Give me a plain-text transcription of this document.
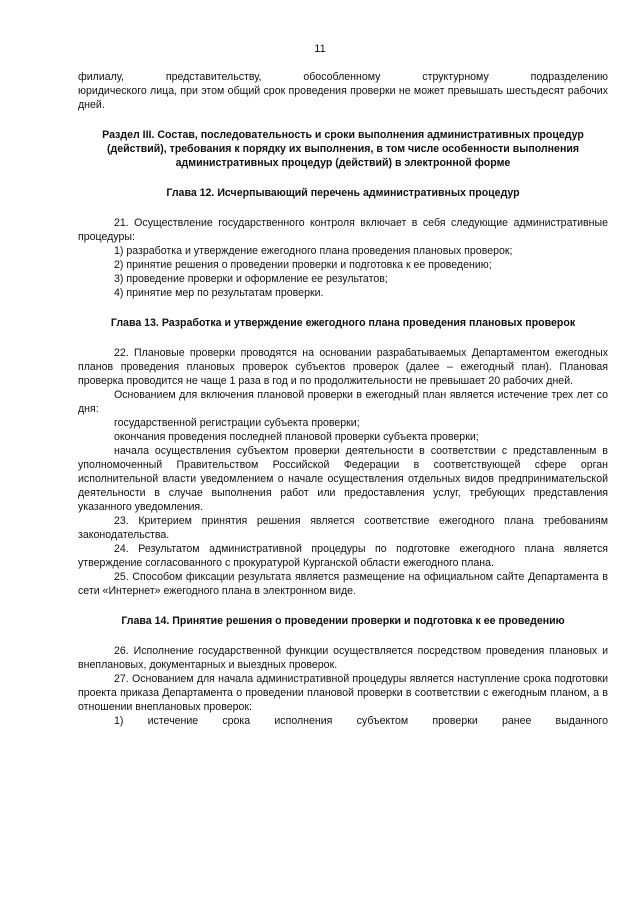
11

филиалу, представительству, обособленному структурному подразделению

юридического лица, при этом общий срок проведения проверки не может превышать шестьдесят рабочих дней.

Раздел III. Состав, последовательность и сроки выполнения административных процедур (действий), требования к порядку их выполнения, в том числе особенности выполнения административных процедур (действий) в электронной форме

Глава 12. Исчерпывающий перечень административных процедур

21. Осуществление государственного контроля включает в себя следующие административные процедуры:

1) разработка и утверждение ежегодного плана проведения плановых проверок;

2) принятие решения о проведении проверки и подготовка к ее проведению;

3) проведение проверки и оформление ее результатов;

4) принятие мер по результатам проверки.

Глава 13. Разработка и утверждение ежегодного плана проведения плановых проверок

22. Плановые проверки проводятся на основании разрабатываемых Департаментом ежегодных планов проведения плановых проверок субъектов проверок (далее – ежегодный план). Плановая проверка проводится не чаще 1 раза в год и по продолжительности не превышает 20 рабочих дней.

Основанием для включения плановой проверки в ежегодный план является истечение трех лет со дня:

государственной регистрации субъекта проверки;

окончания проведения последней плановой проверки субъекта проверки;

начала осуществления субъектом проверки деятельности в соответствии с представленным в уполномоченный Правительством Российской Федерации в соответствующей сфере орган исполнительной власти уведомлением о начале осуществления отдельных видов предпринимательской деятельности в случае выполнения работ или предоставления услуг, требующих представления указанного уведомления.

23. Критерием принятия решения является соответствие ежегодного плана требованиям законодательства.

24. Результатом административной процедуры по подготовке ежегодного плана является утверждение согласованного с прокуратурой Курганской области ежегодного плана.

25. Способом фиксации результата является размещение на официальном сайте Департамента в сети «Интернет» ежегодного плана в электронном виде.

Глава 14. Принятие решения о проведении проверки и подготовка к ее проведению

26. Исполнение государственной функции осуществляется посредством проведения плановых и внеплановых, документарных и выездных проверок.

27. Основанием для начала административной процедуры является наступление срока подготовки проекта приказа Департамента о проведении плановой проверки в соответствии с ежегодным планом, а в отношении внеплановых проверок:

1) истечение срока исполнения субъектом проверки ранее выданного
